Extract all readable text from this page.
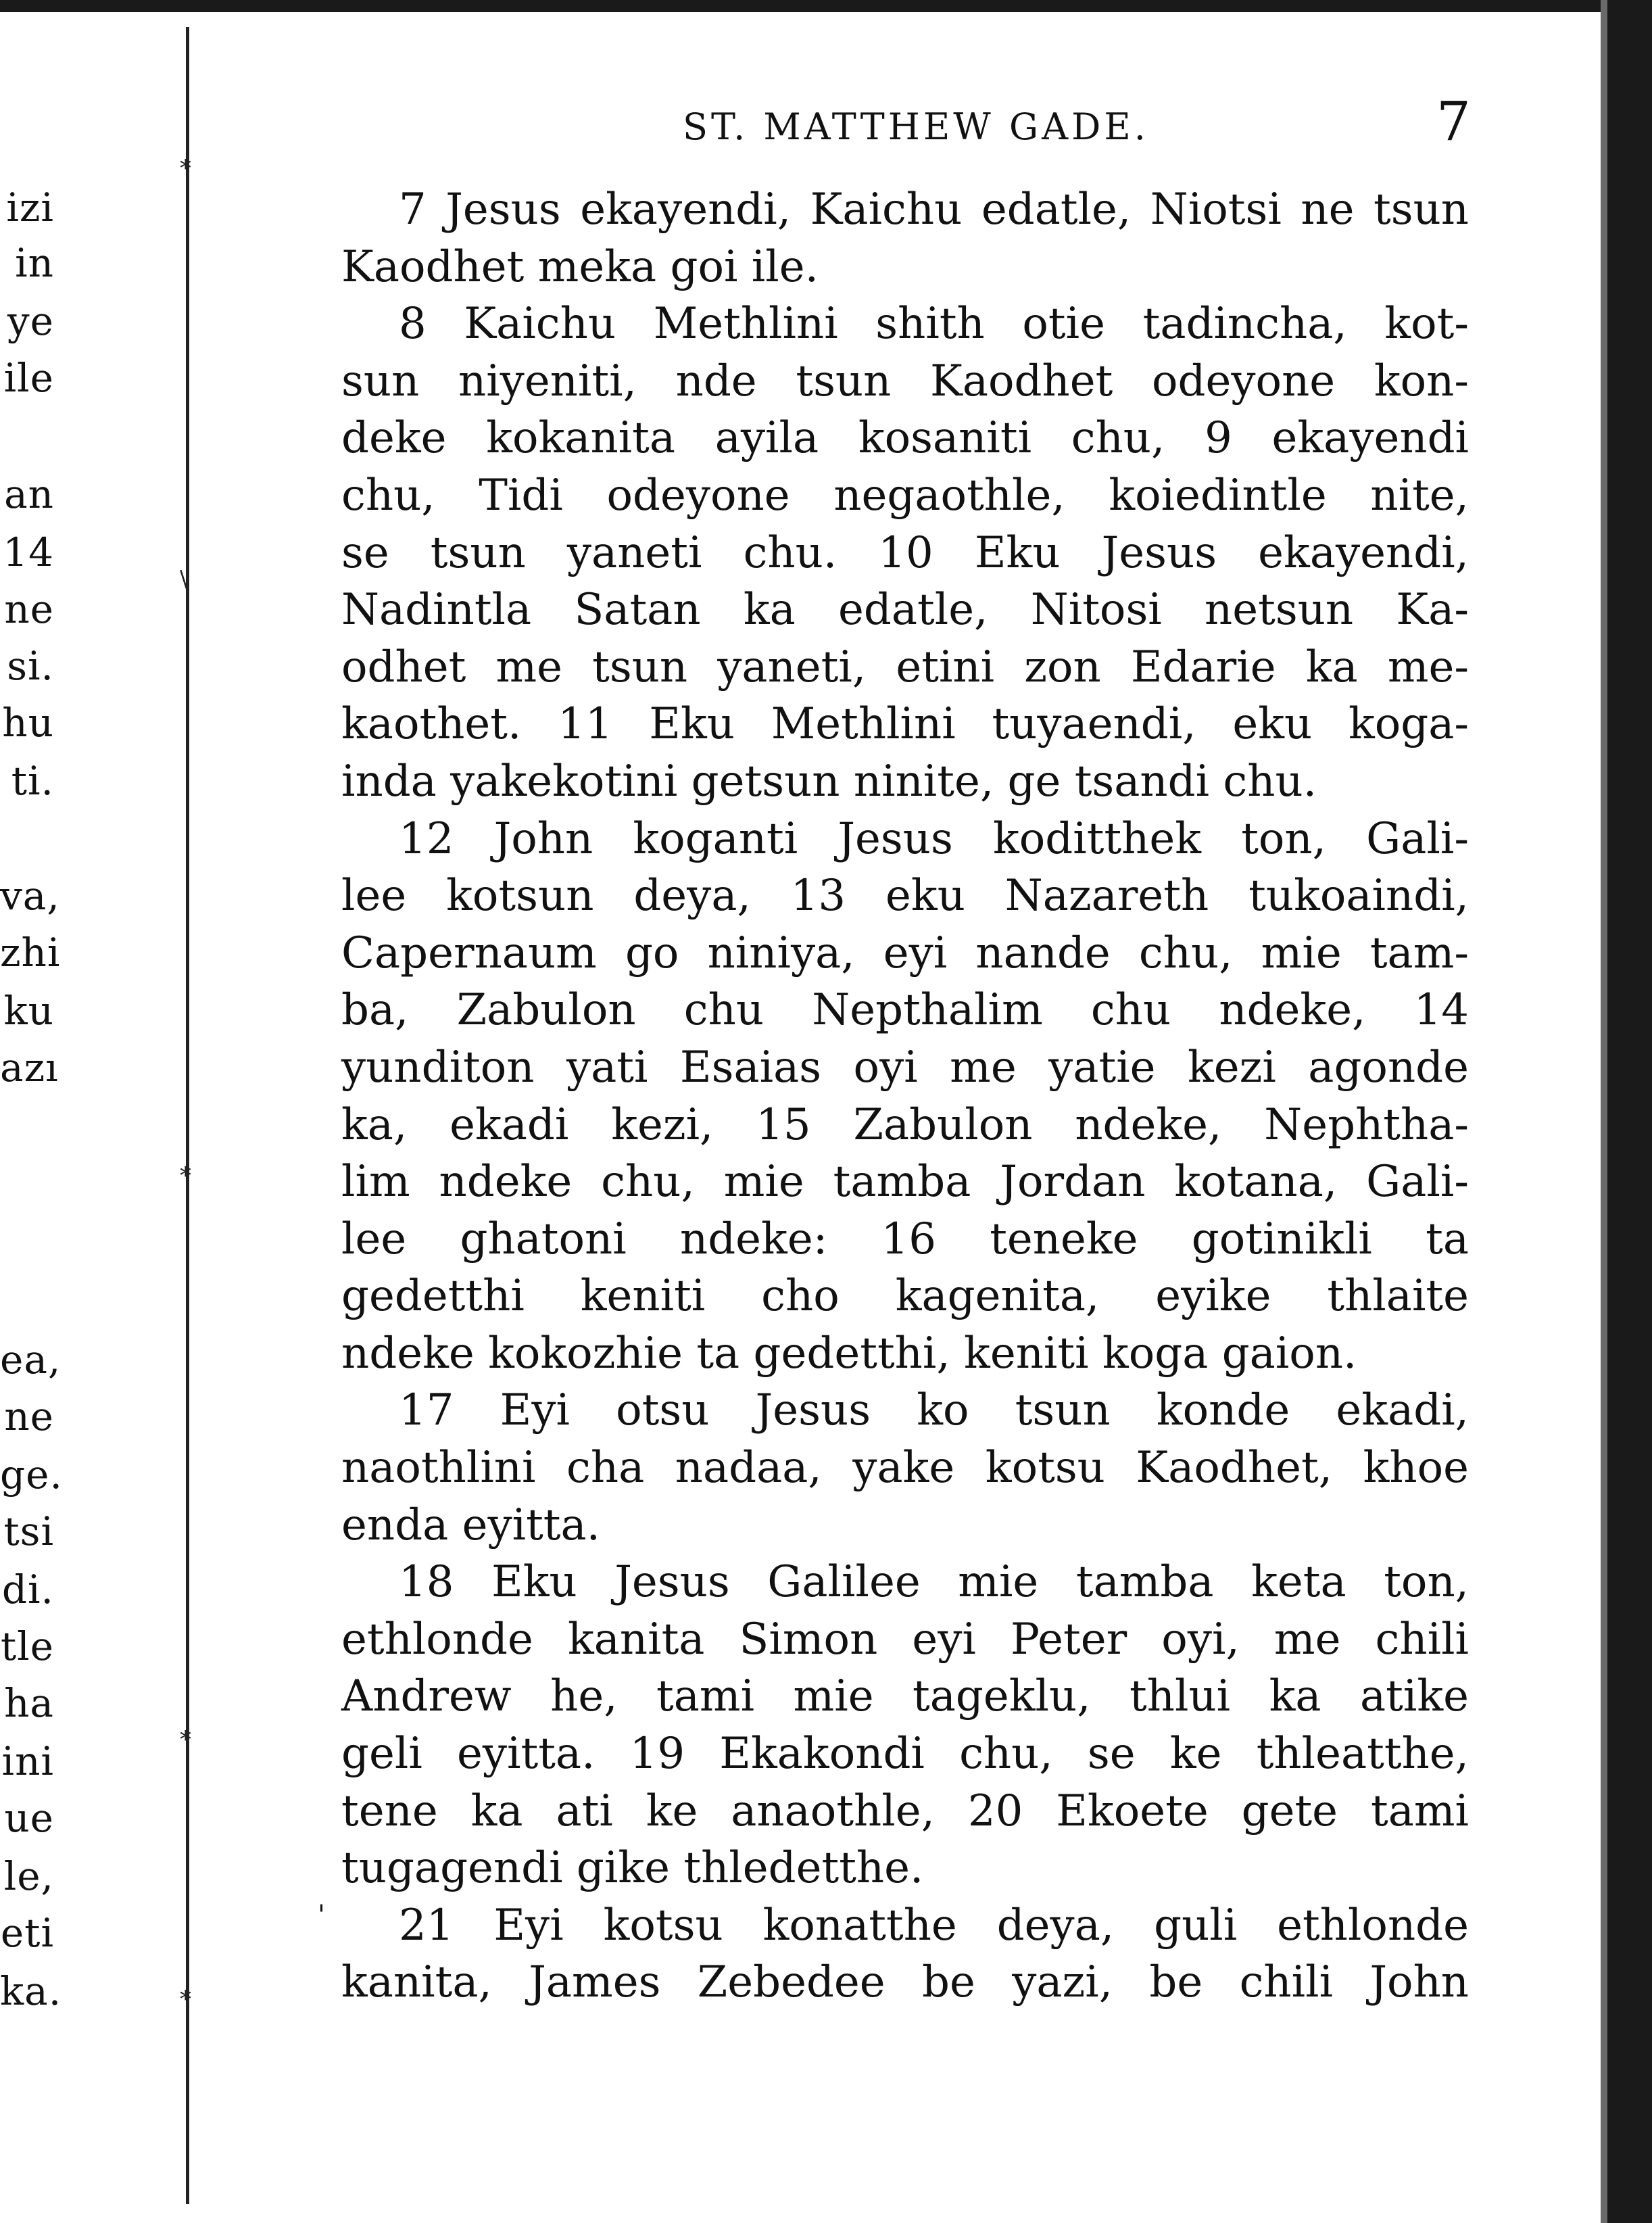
izi
in
ye
ile
an
14
ne
si.
hu
ti.
va,
zhi
ku
azı
ea,
ne
ge.
tsi
di.
tle
ha
ini
ue
le,
eti
ka.
*
\
*
*
*
ST. MATTHEW GADE.	7
'
7 Jesus ekayendi, Kaichu edatle, Niotsi ne tsun
Kaodhet meka goi ile.
8 Kaichu Methlini shith otie tadincha, kot-
sun niyeniti, nde tsun Kaodhet odeyone kon-
deke kokanita ayila kosaniti chu, 9 ekayendi
chu, Tidi odeyone negaothle, koiedintle nite,
se tsun yaneti chu. 10 Eku Jesus ekayendi,
Nadintla Satan ka edatle, Nitosi netsun Ka-
odhet me tsun yaneti, etini zon Edarie ka me-
kaothet. 11 Eku Methlini tuyaendi, eku koga-
inda yakekotini getsun ninite, ge tsandi chu.
12 John koganti Jesus koditthek ton, Gali-
lee kotsun deya, 13 eku Nazareth tukoaindi,
Capernaum go niniya, eyi nande chu, mie tam-
ba, Zabulon chu Nepthalim chu ndeke, 14
yunditon yati Esaias oyi me yatie kezi agonde
ka, ekadi kezi, 15 Zabulon ndeke, Nephtha-
lim ndeke chu, mie tamba Jordan kotana, Gali-
lee ghatoni ndeke: 16 teneke gotinikli ta
gedetthi keniti cho kagenita, eyike thlaite
ndeke kokozhie ta gedetthi, keniti koga gaion.
17 Eyi otsu Jesus ko tsun konde ekadi,
naothlini cha nadaa, yake kotsu Kaodhet, khoe
enda eyitta.
18 Eku Jesus Galilee mie tamba keta ton,
ethlonde kanita Simon eyi Peter oyi, me chili
Andrew he, tami mie tageklu, thlui ka atike
geli eyitta. 19 Ekakondi chu, se ke thleatthe,
tene ka ati ke anaothle, 20 Ekoete gete tami
tugagendi gike thledetthe.
21 Eyi kotsu konatthe deya, guli ethlonde
kanita, James Zebedee be yazi, be chili John
